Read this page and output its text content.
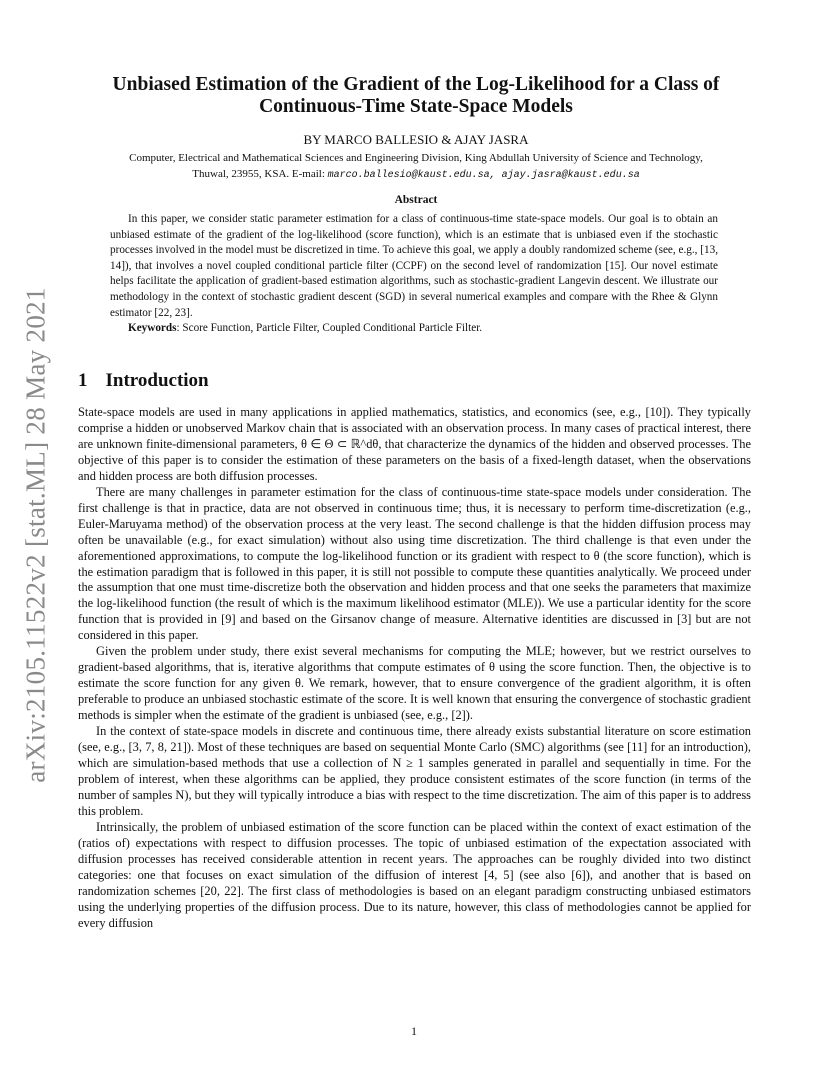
arXiv:2105.11522v2 [stat.ML] 28 May 2021
Unbiased Estimation of the Gradient of the Log-Likelihood for a Class of Continuous-Time State-Space Models
BY MARCO BALLESIO & AJAY JASRA
Computer, Electrical and Mathematical Sciences and Engineering Division, King Abdullah University of Science and Technology,
Thuwal, 23955, KSA. E-mail: marco.ballesio@kaust.edu.sa, ajay.jasra@kaust.edu.sa
Abstract

In this paper, we consider static parameter estimation for a class of continuous-time state-space models. Our goal is to obtain an unbiased estimate of the gradient of the log-likelihood (score function), which is an estimate that is unbiased even if the stochastic processes involved in the model must be discretized in time. To achieve this goal, we apply a doubly randomized scheme (see, e.g., [13, 14]), that involves a novel coupled conditional particle filter (CCPF) on the second level of randomization [15]. Our novel estimate helps facilitate the application of gradient-based estimation algorithms, such as stochastic-gradient Langevin descent. We illustrate our methodology in the context of stochastic gradient descent (SGD) in several numerical examples and compare with the Rhee & Glynn estimator [22, 23].

Keywords: Score Function, Particle Filter, Coupled Conditional Particle Filter.

1 Introduction

State-space models are used in many applications in applied mathematics, statistics, and economics (see, e.g., [10]). They typically comprise a hidden or unobserved Markov chain that is associated with an observation process. In many cases of practical interest, there are unknown finite-dimensional parameters, θ ∈ Θ ⊂ ℝ^dθ, that characterize the dynamics of the hidden and observed processes. The objective of this paper is to consider the estimation of these parameters on the basis of a fixed-length dataset, when the observations and hidden process are both diffusion processes.

There are many challenges in parameter estimation for the class of continuous-time state-space models under consideration. The first challenge is that in practice, data are not observed in continuous time; thus, it is necessary to perform time-discretization (e.g., Euler-Maruyama method) of the observation process at the very least. The second challenge is that the hidden diffusion process may often be unavailable (e.g., for exact simulation) without also using time discretization. The third challenge is that even under the aforementioned approximations, to compute the log-likelihood function or its gradient with respect to θ (the score function), which is the estimation paradigm that is followed in this paper, it is still not possible to compute these quantities analytically. We proceed under the assumption that one must time-discretize both the observation and hidden process and that one seeks the parameters that maximize the log-likelihood function (the result of which is the maximum likelihood estimator (MLE)). We use a particular identity for the score function that is provided in [9] and based on the Girsanov change of measure. Alternative identities are discussed in [3] but are not considered in this paper.

Given the problem under study, there exist several mechanisms for computing the MLE; however, but we restrict ourselves to gradient-based algorithms, that is, iterative algorithms that compute estimates of θ using the score function. Then, the objective is to estimate the score function for any given θ. We remark, however, that to ensure convergence of the gradient algorithm, it is often preferable to produce an unbiased stochastic estimate of the score. It is well known that ensuring the convergence of stochastic gradient methods is simpler when the estimate of the gradient is unbiased (see, e.g., [2]).

In the context of state-space models in discrete and continuous time, there already exists substantial literature on score estimation (see, e.g., [3, 7, 8, 21]). Most of these techniques are based on sequential Monte Carlo (SMC) algorithms (see [11] for an introduction), which are simulation-based methods that use a collection of N ≥ 1 samples generated in parallel and sequentially in time. For the problem of interest, when these algorithms can be applied, they produce consistent estimates of the score function (in terms of the number of samples N), but they will typically introduce a bias with respect to the time discretization. The aim of this paper is to address this problem.

Intrinsically, the problem of unbiased estimation of the score function can be placed within the context of exact estimation of the (ratios of) expectations with respect to diffusion processes. The topic of unbiased estimation of the expectation associated with diffusion processes has received considerable attention in recent years. The approaches can be roughly divided into two distinct categories: one that focuses on exact simulation of the diffusion of interest [4, 5] (see also [6]), and another that is based on randomization schemes [20, 22]. The first class of methodologies is based on an elegant paradigm constructing unbiased estimators using the underlying properties of the diffusion process. Due to its nature, however, this class of methodologies cannot be applied for every diffusion

1
